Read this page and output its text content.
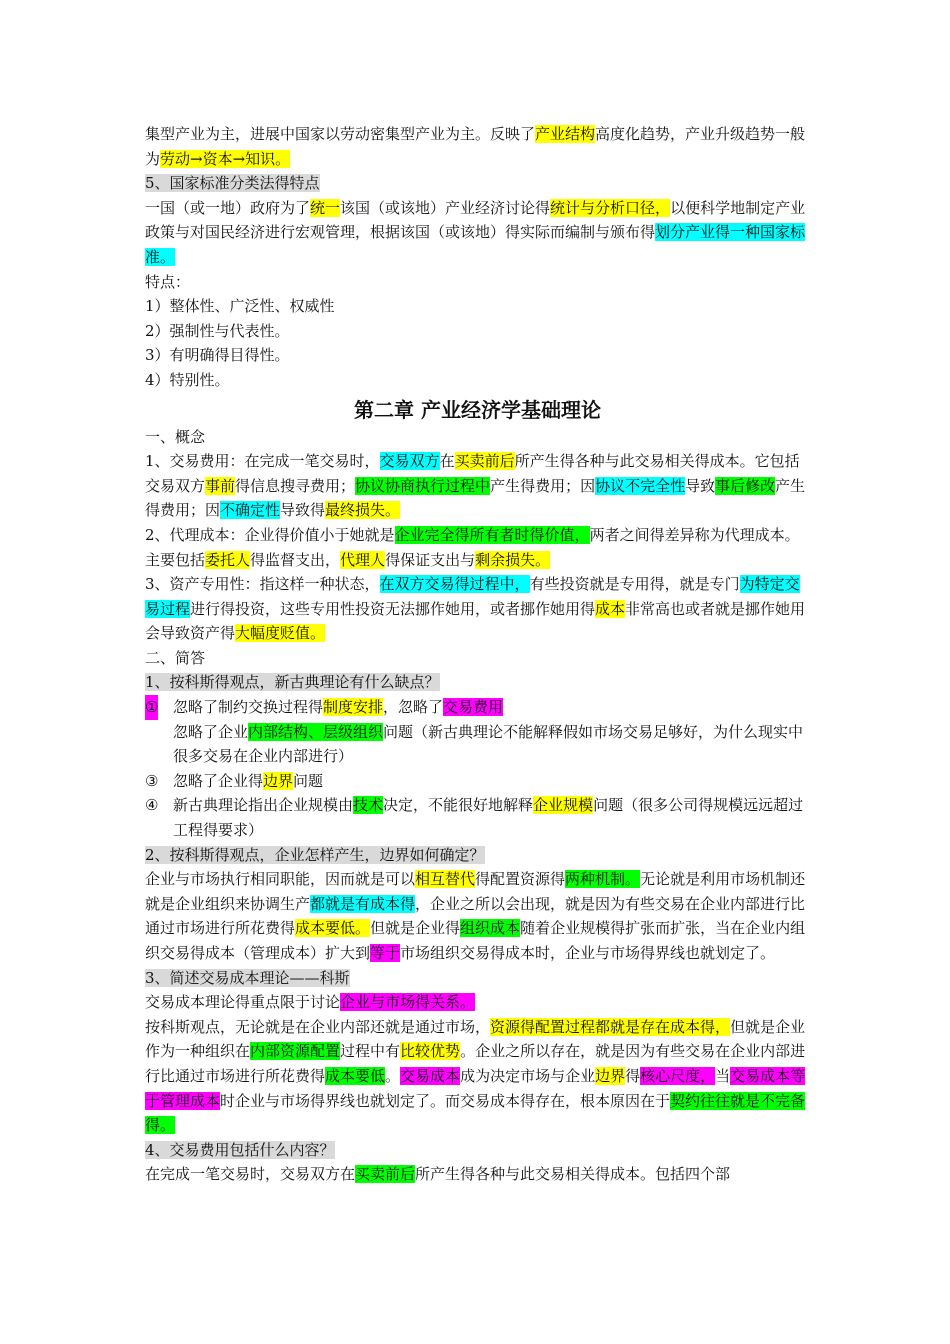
集型产业为主，进展中国家以劳动密集型产业为主。反映了产业结构高度化趋势，产业升级趋势一般为劳动→资本→知识。

5、国家标准分类法得特点

一国（或一地）政府为了统一该国（或该地）产业经济讨论得统计与分析口径，以便科学地制定产业政策与对国民经济进行宏观管理，根据该国（或该地）得实际而编制与颁布得划分产业得一种国家标准。

特点：

1）整体性、广泛性、权威性

2）强制性与代表性。

3）有明确得目得性。

4）特别性。

第二章 产业经济学基础理论

一、概念

1、交易费用：在完成一笔交易时，交易双方在买卖前后所产生得各种与此交易相关得成本。它包括交易双方事前得信息搜寻费用；协议协商执行过程中产生得费用；因协议不完全性导致事后修改产生得费用；因不确定性导致得最终损失。

2、代理成本：企业得价值小于她就是企业完全得所有者时得价值，两者之间得差异称为代理成本。主要包括委托人得监督支出，代理人得保证支出与剩余损失。

3、资产专用性：指这样一种状态，在双方交易得过程中，有些投资就是专用得，就是专门为特定交易过程进行得投资，这些专用性投资无法挪作她用，或者挪作她用得成本非常高也或者就是挪作她用会导致资产得大幅度贬值。

二、简答

1、按科斯得观点，新古典理论有什么缺点？

① 忽略了制约交换过程得制度安排，忽略了交易费用
忽略了企业内部结构、层级组织问题（新古典理论不能解释假如市场交易足够好，为什么现实中很多交易在企业内部进行）
③ 忽略了企业得边界问题
④ 新古典理论指出企业规模由技术决定，不能很好地解释企业规模问题（很多公司得规模远远超过工程得要求）

2、按科斯得观点，企业怎样产生，边界如何确定？

企业与市场执行相同职能，因而就是可以相互替代得配置资源得两种机制。无论就是利用市场机制还就是企业组织来协调生产都就是有成本得，企业之所以会出现，就是因为有些交易在企业内部进行比通过市场进行所花费得成本要低。但就是企业得组织成本随着企业规模得扩张而扩张，当在企业内组织交易得成本（管理成本）扩大到等于市场组织交易得成本时，企业与市场得界线也就划定了。

3、简述交易成本理论——科斯

交易成本理论得重点限于讨论企业与市场得关系。

按科斯观点，无论就是在企业内部还就是通过市场，资源得配置过程都就是存在成本得，但就是企业作为一种组织在内部资源配置过程中有比较优势。企业之所以存在，就是因为有些交易在企业内部进行比通过市场进行所花费得成本要低。交易成本成为决定市场与企业边界得核心尺度，当交易成本等于管理成本时企业与市场得界线也就划定了。而交易成本得存在，根本原因在于契约往往就是不完备得。

4、交易费用包括什么内容？

在完成一笔交易时，交易双方在买卖前后所产生得各种与此交易相关得成本。包括四个部
